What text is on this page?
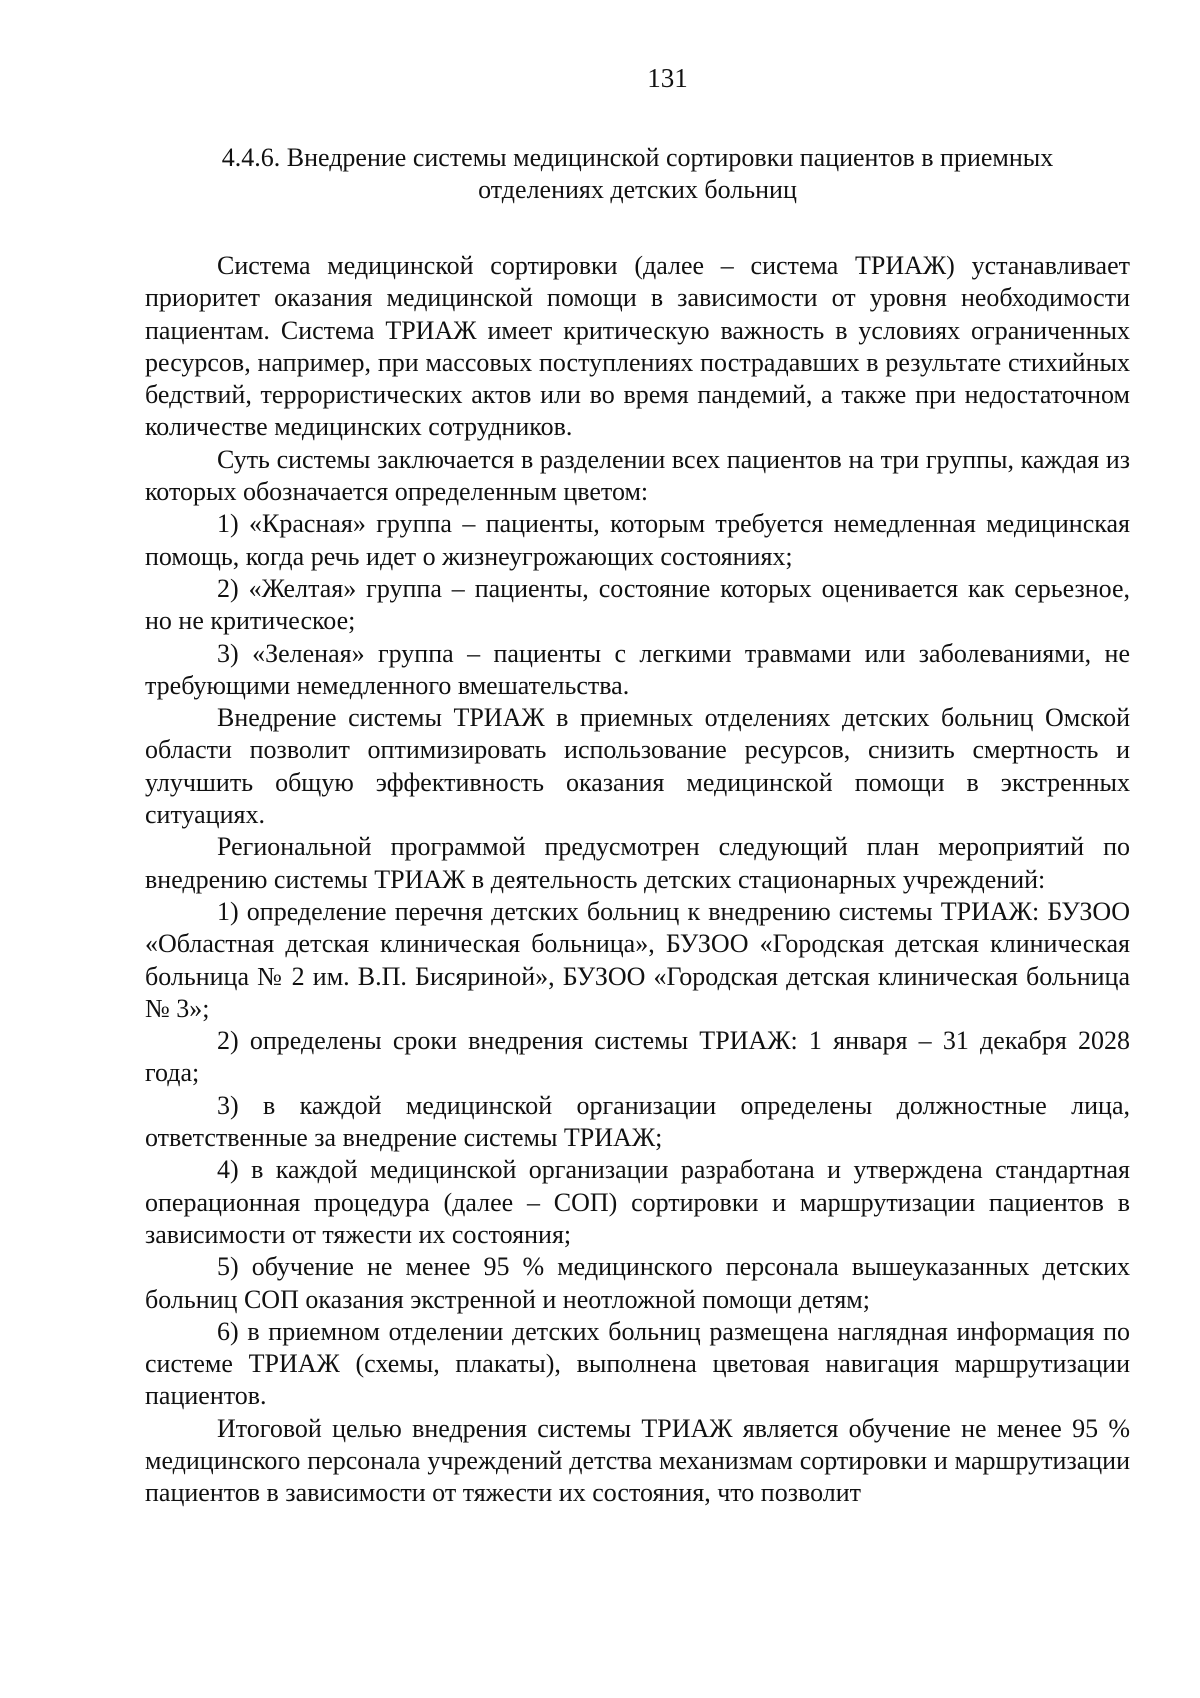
131
4.4.6. Внедрение системы медицинской сортировки пациентов в приемных
отделениях детских больниц

Система медицинской сортировки (далее – система ТРИАЖ) устанавливает приоритет оказания медицинской помощи в зависимости от уровня необходимости пациентам. Система ТРИАЖ имеет критическую важность в условиях ограниченных ресурсов, например, при массовых поступлениях пострадавших в результате стихийных бедствий, террористических актов или во время пандемий, а также при недостаточном количестве медицинских сотрудников.

Суть системы заключается в разделении всех пациентов на три группы, каждая из которых обозначается определенным цветом:

1) «Красная» группа – пациенты, которым требуется немедленная медицинская помощь, когда речь идет о жизнеугрожающих состояниях;

2) «Желтая» группа – пациенты, состояние которых оценивается как серьезное, но не критическое;

3) «Зеленая» группа – пациенты с легкими травмами или заболеваниями, не требующими немедленного вмешательства.

Внедрение системы ТРИАЖ в приемных отделениях детских больниц Омской области позволит оптимизировать использование ресурсов, снизить смертность и улучшить общую эффективность оказания медицинской помощи в экстренных ситуациях.

Региональной программой предусмотрен следующий план мероприятий по внедрению системы ТРИАЖ в деятельность детских стационарных учреждений:

1) определение перечня детских больниц к внедрению системы ТРИАЖ: БУЗОО «Областная детская клиническая больница», БУЗОО «Городская детская клиническая больница № 2 им. В.П. Бисяриной», БУЗОО «Городская детская клиническая больница № 3»;

2) определены сроки внедрения системы ТРИАЖ: 1 января – 31 декабря 2028 года;

3) в каждой медицинской организации определены должностные лица, ответственные за внедрение системы ТРИАЖ;

4) в каждой медицинской организации разработана и утверждена стандартная операционная процедура (далее – СОП) сортировки и маршрутизации пациентов в зависимости от тяжести их состояния;

5) обучение не менее 95 % медицинского персонала вышеуказанных детских больниц СОП оказания экстренной и неотложной помощи детям;

6) в приемном отделении детских больниц размещена наглядная информация по системе ТРИАЖ (схемы, плакаты), выполнена цветовая навигация маршрутизации пациентов.

Итоговой целью внедрения системы ТРИАЖ является обучение не менее 95 % медицинского персонала учреждений детства механизмам сортировки и маршрутизации пациентов в зависимости от тяжести их состояния, что позволит
